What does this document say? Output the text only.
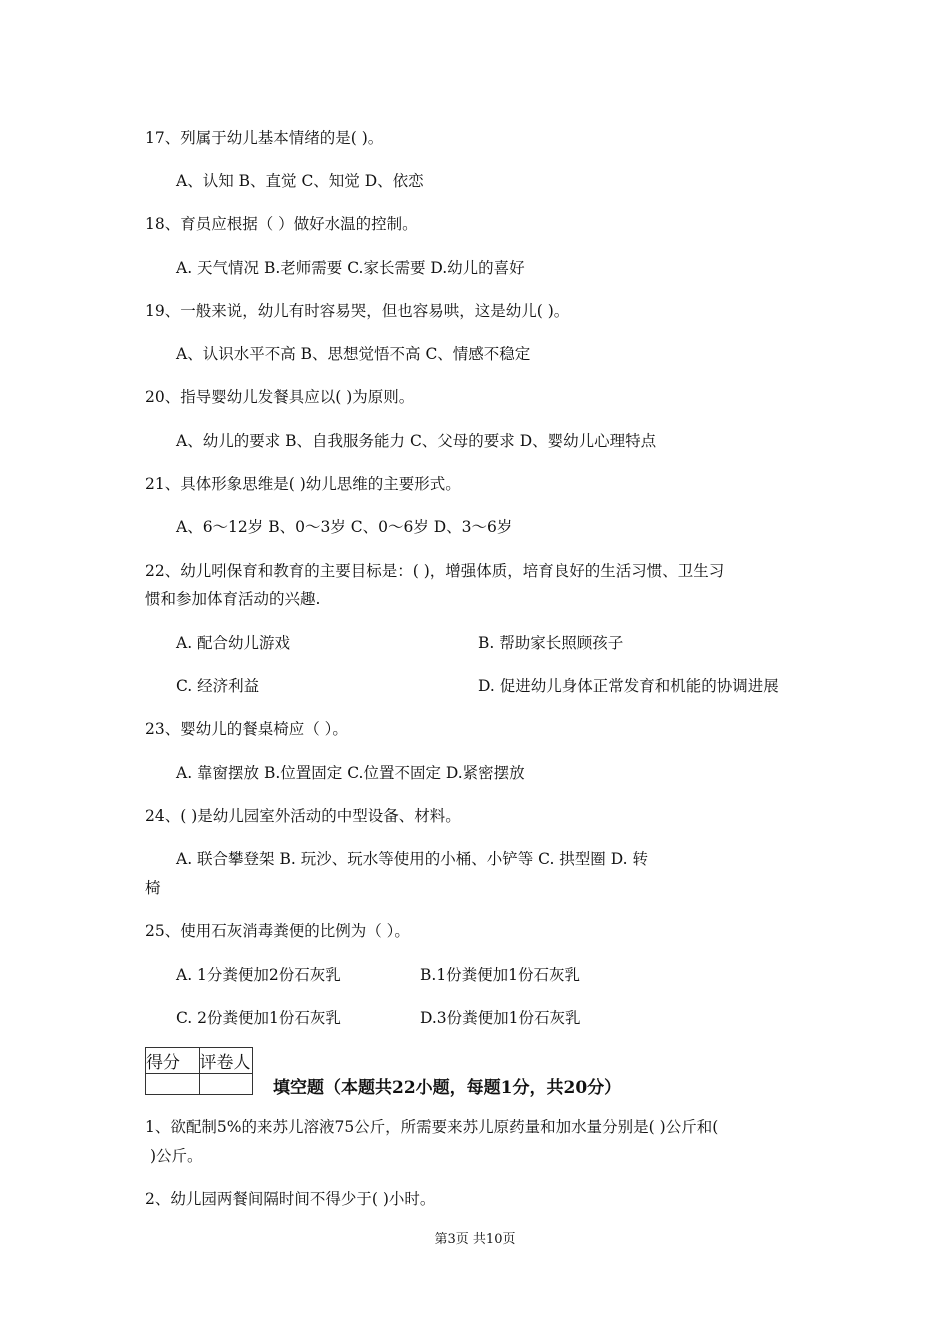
17、列属于幼儿基本情绪的是( )。
A、认知 B、直觉 C、知觉 D、依恋
18、育员应根据（ ）做好水温的控制。
A. 天气情况 B.老师需要 C.家长需要 D.幼儿的喜好
19、一般来说，幼儿有时容易哭，但也容易哄，这是幼儿( )。
A、认识水平不高 B、思想觉悟不高 C、情感不稳定
20、指导婴幼儿发餐具应以( )为原则。
A、幼儿的要求 B、自我服务能力 C、父母的要求 D、婴幼儿心理特点
21、具体形象思维是( )幼儿思维的主要形式。
A、6～12岁 B、0～3岁 C、0～6岁 D、3～6岁
22、幼儿吲保育和教育的主要目标是：( )，增强体质，培育良好的生活习惯、卫生习
惯和参加体育活动的兴趣.
A. 配合幼儿游戏	B. 帮助家长照顾孩子
C. 经济利益	D. 促进幼儿身体正常发育和机能的协调进展
23、婴幼儿的餐桌椅应（ ）。
A. 靠窗摆放 B.位置固定 C.位置不固定 D.紧密摆放
24、( )是幼儿园室外活动的中型设备、材料。
A. 联合攀登架 B. 玩沙、玩水等使用的小桶、小铲等 C. 拱型圈 D. 转
椅
25、使用石灰消毒粪便的比例为（ ）。
A. 1分粪便加2份石灰乳	B.1份粪便加1份石灰乳
C. 2份粪便加1份石灰乳	D.3份粪便加1份石灰乳
得分	评卷人

填空题（本题共22小题，每题1分，共20分）
1、欲配制5%的来苏儿溶液75公斤，所需要来苏儿原药量和加水量分别是( )公斤和(
)公斤。
2、幼儿园两餐间隔时间不得少于( )小时。
第3页 共10页
